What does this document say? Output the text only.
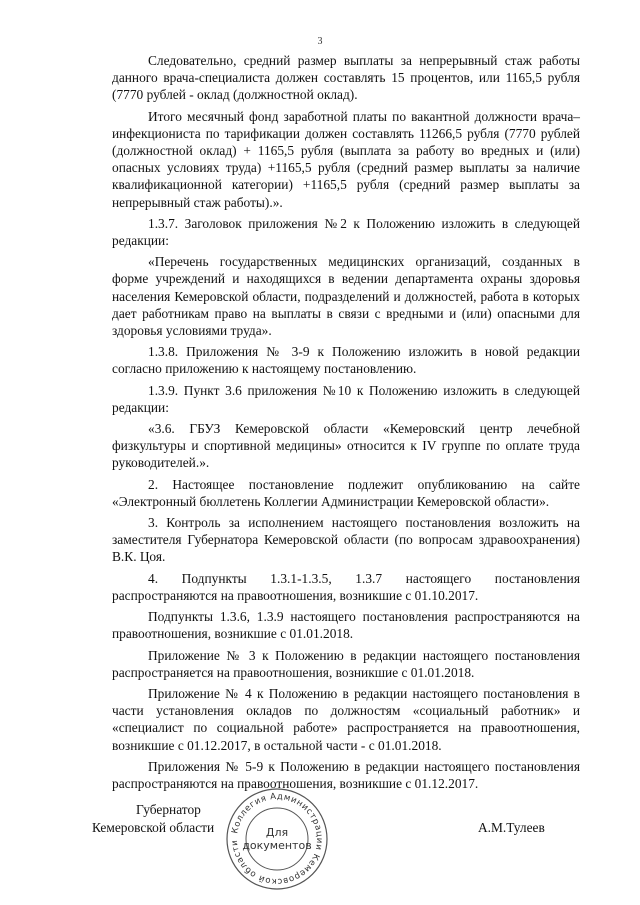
3

Следовательно, средний размер выплаты за непрерывный стаж работы данного врача-специалиста должен составлять 15 процентов, или 1165,5 рубля (7770 рублей - оклад (должностной оклад).

Итого месячный фонд заработной платы по вакантной должности врача–инфекциониста по тарификации должен составлять 11266,5 рубля (7770 рублей (должностной оклад) + 1165,5 рубля (выплата за работу во вредных и (или) опасных условиях труда) +1165,5 рубля (средний размер выплаты за наличие квалификационной категории) +1165,5 рубля (средний размер выплаты за непрерывный стаж работы).».

1.3.7. Заголовок приложения №2 к Положению изложить в следующей редакции:

«Перечень государственных медицинских организаций, созданных в форме учреждений и находящихся в ведении департамента охраны здоровья населения Кемеровской области, подразделений и должностей, работа в которых дает работникам право на выплаты в связи с вредными и (или) опасными для здоровья условиями труда».

1.3.8. Приложения № 3-9 к Положению изложить в новой редакции согласно приложению к настоящему постановлению.

1.3.9. Пункт 3.6 приложения №10 к Положению изложить в следующей редакции:

«3.6. ГБУЗ Кемеровской области «Кемеровский центр лечебной физкультуры и спортивной медицины» относится к IV группе по оплате труда руководителей.».

2. Настоящее постановление подлежит опубликованию на сайте «Электронный бюллетень Коллегии Администрации Кемеровской области».

3. Контроль за исполнением настоящего постановления возложить на заместителя Губернатора Кемеровской области (по вопросам здравоохранения) В.К. Цоя.

4. Подпункты 1.3.1-1.3.5, 1.3.7 настоящего постановления распространяются на правоотношения, возникшие с 01.10.2017.

Подпункты 1.3.6, 1.3.9 настоящего постановления распространяются на правоотношения, возникшие с 01.01.2018.

Приложение № 3 к Положению в редакции настоящего постановления распространяется на правоотношения, возникшие с 01.01.2018.

Приложение № 4 к Положению в редакции настоящего постановления в части установления окладов по должностям «социальный работник» и «специалист по социальной работе» распространяется на правоотношения, возникшие с 01.12.2017, в остальной части - с 01.01.2018.

Приложения № 5-9 к Положению в редакции настоящего постановления распространяются на правоотношения, возникшие с 01.12.2017.

Губернатор
Кемеровской области Коллегия Администрации Кемеровской области
Для
документов
А.М.Тулеев
